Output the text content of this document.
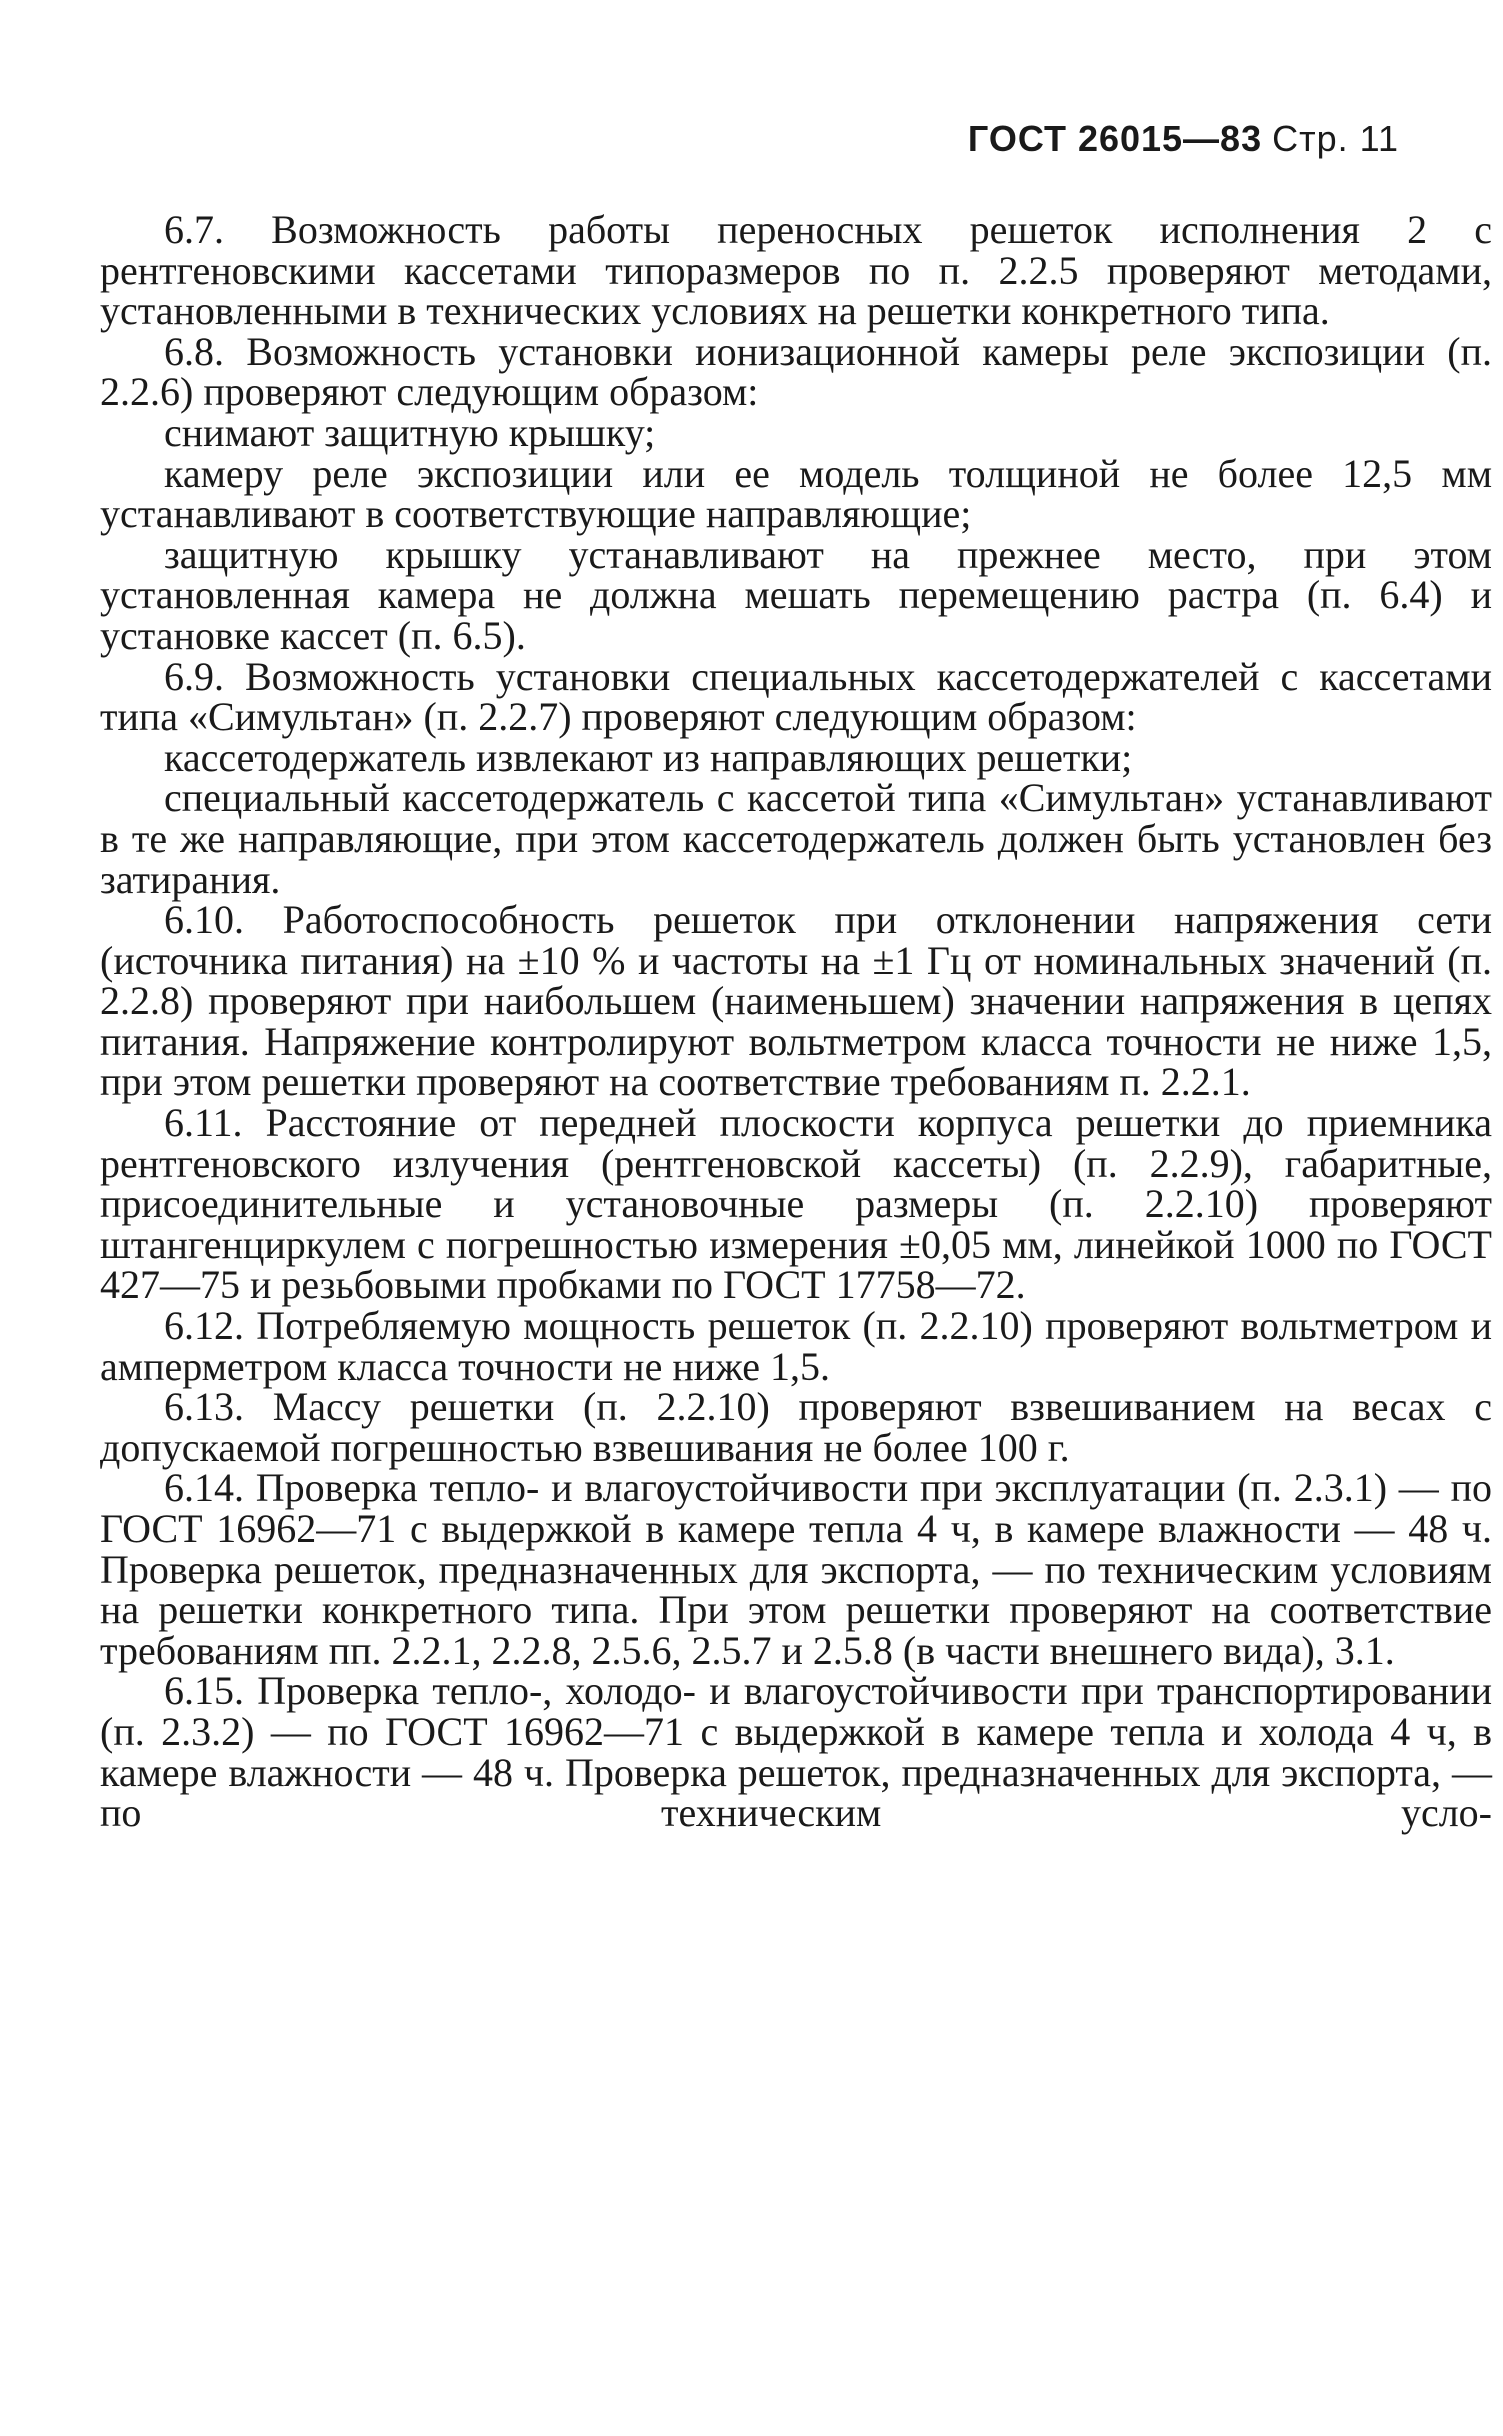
ГОСТ 26015—83 Стр. 11

6.7. Возможность работы переносных решеток исполнения 2 с рентгеновскими кассетами типоразмеров по п. 2.2.5 проверяют методами, установленными в технических условиях на решетки конкретного типа.

6.8. Возможность установки ионизационной камеры реле экспозиции (п. 2.2.6) проверяют следующим образом:

снимают защитную крышку;

камеру реле экспозиции или ее модель толщиной не более 12,5 мм устанавливают в соответствующие направляющие;

защитную крышку устанавливают на прежнее место, при этом установленная камера не должна мешать перемещению растра (п. 6.4) и установке кассет (п. 6.5).

6.9. Возможность установки специальных кассетодержателей с кассетами типа «Симультан» (п. 2.2.7) проверяют следующим образом:

кассетодержатель извлекают из направляющих решетки;

специальный кассетодержатель с кассетой типа «Симультан» устанавливают в те же направляющие, при этом кассетодержатель должен быть установлен без затирания.

6.10. Работоспособность решеток при отклонении напряжения сети (источника питания) на ±10 % и частоты на ±1 Гц от номинальных значений (п. 2.2.8) проверяют при наибольшем (наименьшем) значении напряжения в цепях питания. Напряжение контролируют вольтметром класса точности не ниже 1,5, при этом решетки проверяют на соответствие требованиям п. 2.2.1.

6.11. Расстояние от передней плоскости корпуса решетки до приемника рентгеновского излучения (рентгеновской кассеты) (п. 2.2.9), габаритные, присоединительные и установочные размеры (п. 2.2.10) проверяют штангенциркулем с погрешностью измерения ±0,05 мм, линейкой 1000 по ГОСТ 427—75 и резьбовыми пробками по ГОСТ 17758—72.

6.12. Потребляемую мощность решеток (п. 2.2.10) проверяют вольтметром и амперметром класса точности не ниже 1,5.

6.13. Массу решетки (п. 2.2.10) проверяют взвешиванием на весах с допускаемой погрешностью взвешивания не более 100 г.

6.14. Проверка тепло- и влагоустойчивости при эксплуатации (п. 2.3.1) — по ГОСТ 16962—71 с выдержкой в камере тепла 4 ч, в камере влажности — 48 ч. Проверка решеток, предназначенных для экспорта, — по техническим условиям на решетки конкретного типа. При этом решетки проверяют на соответствие требованиям пп. 2.2.1, 2.2.8, 2.5.6, 2.5.7 и 2.5.8 (в части внешнего вида), 3.1.

6.15. Проверка тепло-, холодо- и влагоустойчивости при транспортировании (п. 2.3.2) — по ГОСТ 16962—71 с выдержкой в камере тепла и холода 4 ч, в камере влажности — 48 ч. Проверка решеток, предназначенных для экспорта, — по техническим усло-
